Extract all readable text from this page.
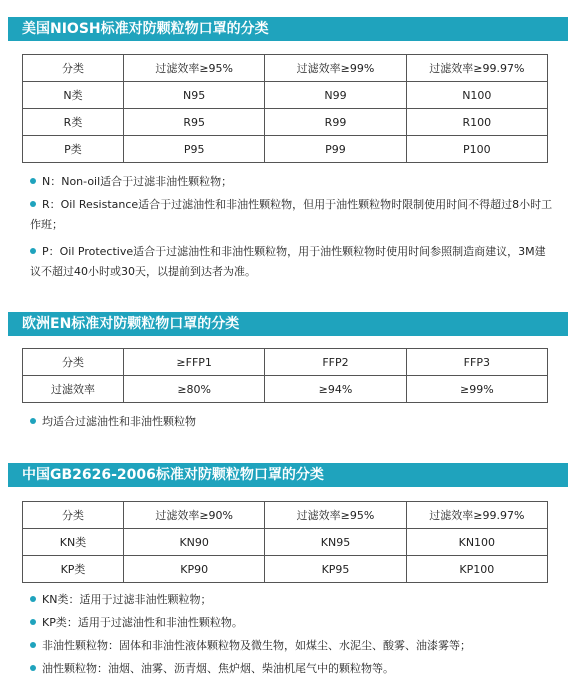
美国NIOSH标准对防颗粒物口罩的分类
分类	过滤效率≥95%	过滤效率≥99%	过滤效率≥99.97%
N类	N95	N99	N100
R类	R95	R99	R100
P类	P95	P99	P100
N：Non-oil适合于过滤非油性颗粒物；
R：Oil Resistance适合于过滤油性和非油性颗粒物，但用于油性颗粒物时限制使用时间不得超过8小时工作班；
P：Oil Protective适合于过滤油性和非油性颗粒物，用于油性颗粒物时使用时间参照制造商建议，3M建议不超过40小时或30天，以提前到达者为准。
欧洲EN标准对防颗粒物口罩的分类
分类	≥FFP1	FFP2	FFP3
过滤效率	≥80%	≥94%	≥99%
均适合过滤油性和非油性颗粒物
中国GB2626-2006标准对防颗粒物口罩的分类
分类	过滤效率≥90%	过滤效率≥95%	过滤效率≥99.97%
KN类	KN90	KN95	KN100
KP类	KP90	KP95	KP100
KN类：适用于过滤非油性颗粒物；
KP类：适用于过滤油性和非油性颗粒物。
非油性颗粒物：固体和非油性液体颗粒物及微生物，如煤尘、水泥尘、酸雾、油漆雾等；
油性颗粒物：油烟、油雾、沥青烟、焦炉烟、柴油机尾气中的颗粒物等。
